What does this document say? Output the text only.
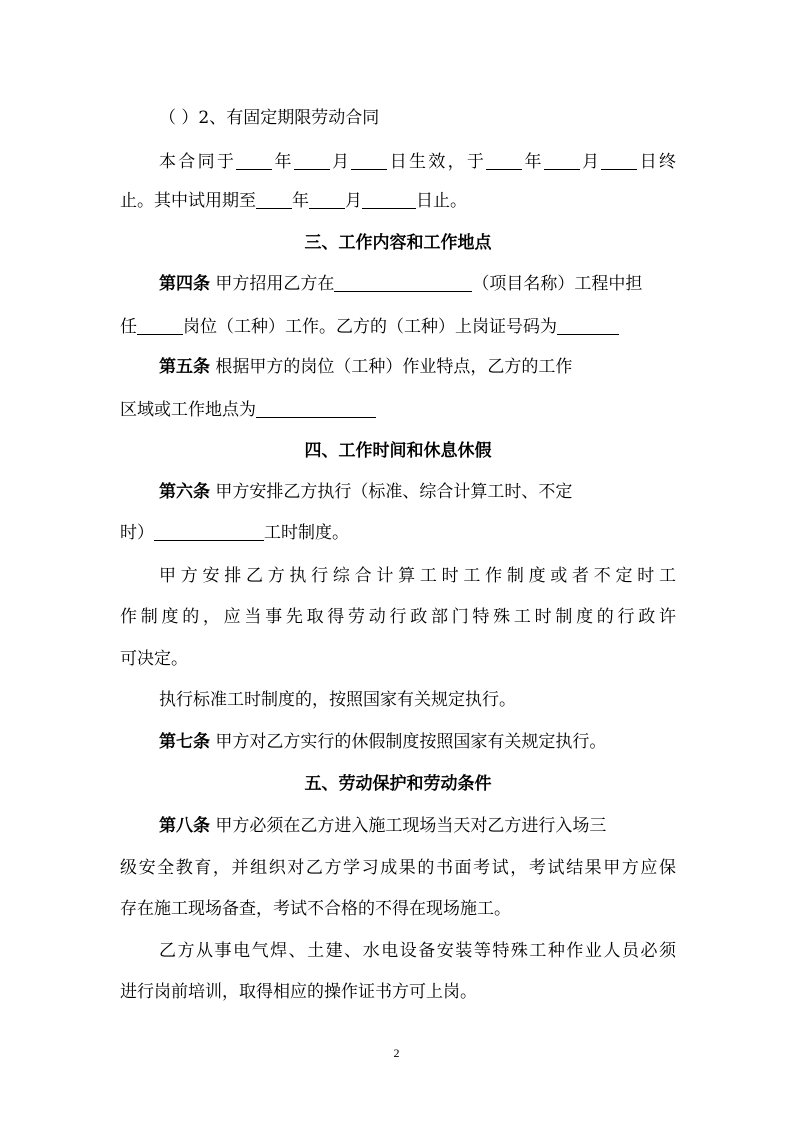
（ ）2、有固定期限劳动合同
本合同于 年 月 日生效，于 年 月 日终
止。其中试用期至 年 月	日止。
三、工作内容和工作地点
第四条 甲方招用乙方在	（项目名称）工程中担
任	岗位（工种）工作。乙方的（工种）上岗证号码为
第五条 根据甲方的岗位（工种）作业特点，乙方的工作
区域或工作地点为
四、工作时间和休息休假
第六条 甲方安排乙方执行（标准、综合计算工时、不定
时）	工时制度。
甲方安排乙方执行综合计算工时工作制度或者不定时工
作制度的，应当事先取得劳动行政部门特殊工时制度的行政许
可决定。
执行标准工时制度的，按照国家有关规定执行。
第七条 甲方对乙方实行的休假制度按照国家有关规定执行。
五、劳动保护和劳动条件
第八条 甲方必须在乙方进入施工现场当天对乙方进行入场三
级安全教育，并组织对乙方学习成果的书面考试，考试结果甲方应保
存在施工现场备查，考试不合格的不得在现场施工。
乙方从事电气焊、土建、水电设备安装等特殊工种作业人员必须
进行岗前培训，取得相应的操作证书方可上岗。
2
